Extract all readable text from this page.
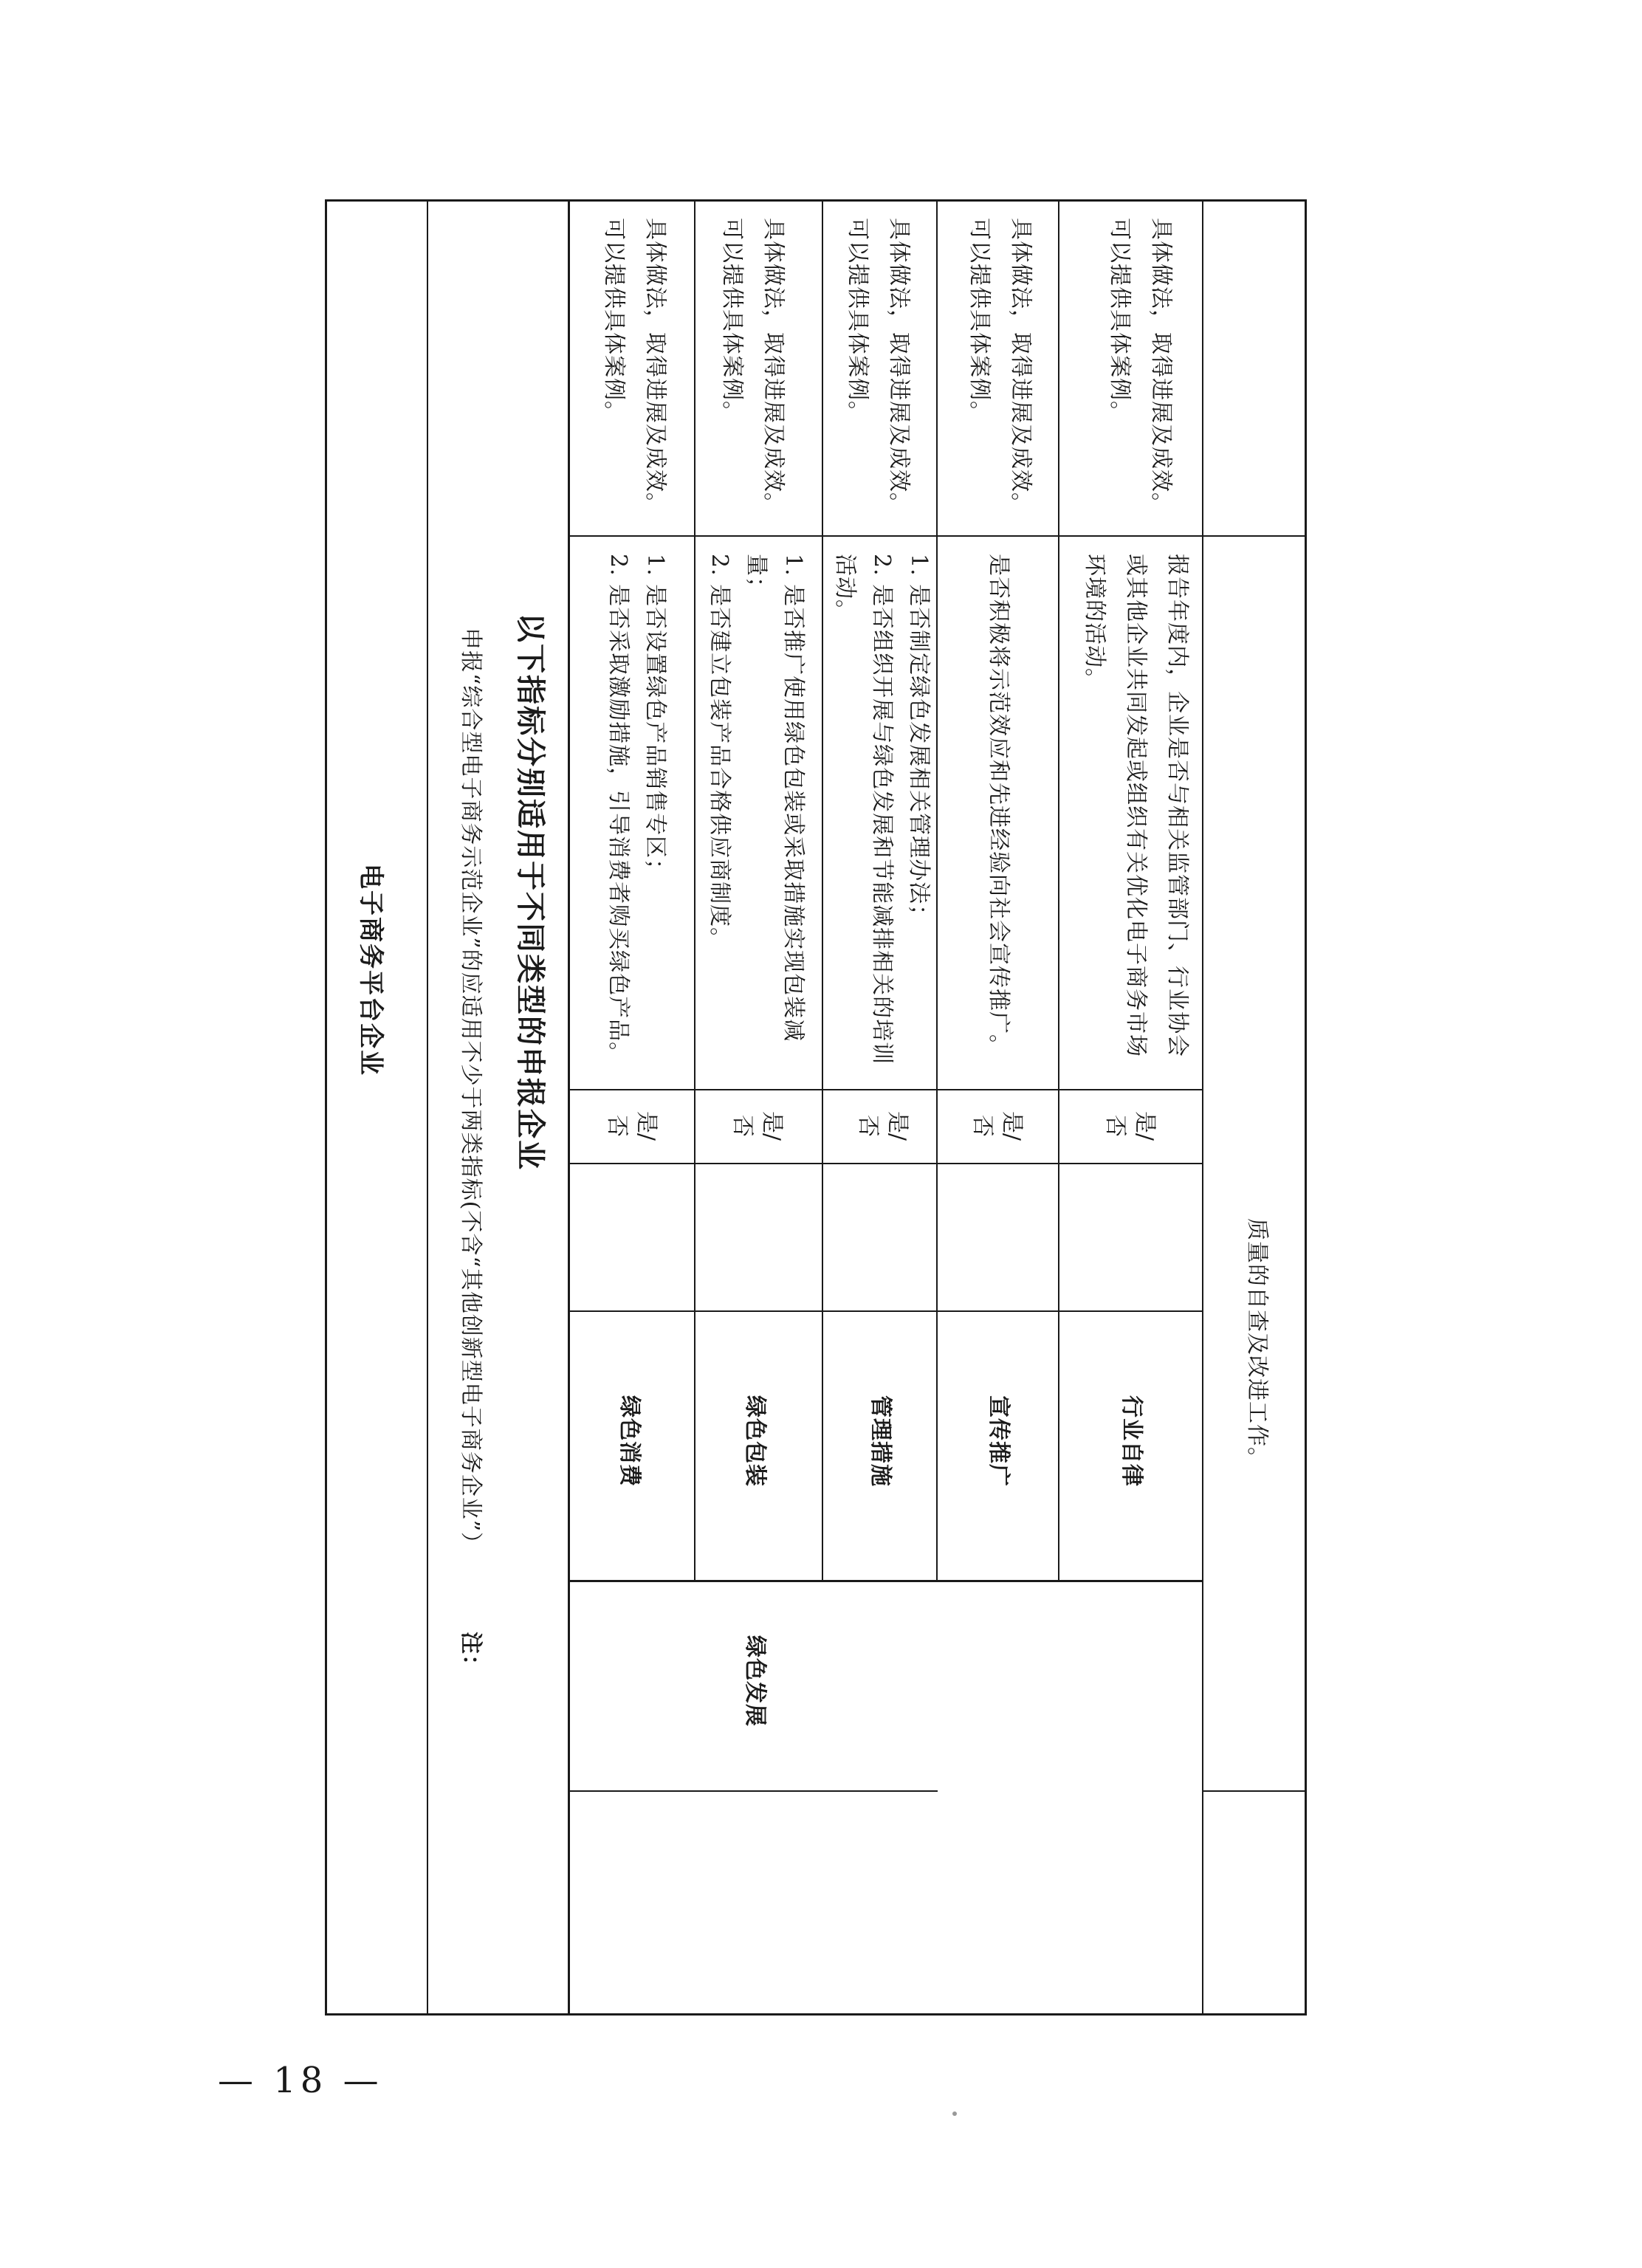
质量的自查及改进工作。
行业自律
是/
否
报告年度内，企业是否与相关监管部门、行业协会
或其他企业共同发起或组织有关优化电子商务市场
环境的活动。
具体做法，取得进展及成效。
可以提供具体案例。
宣传推广
是/
否
是否积极将示范效应和先进经验向社会宣传推广。
具体做法，取得进展及成效。
可以提供具体案例。
绿色发展
管理措施
是/
否
1. 是否制定绿色发展相关管理办法；
2. 是否组织开展与绿色发展和节能减排相关的培训
活动。
具体做法，取得进展及成效。
可以提供具体案例。
绿色包装
是/
否
1. 是否推广使用绿色包装或采取措施实现包装减
量；
2. 是否建立包装产品合格供应商制度。
具体做法，取得进展及成效。
可以提供具体案例。
绿色消费
是/
否
1. 是否设置绿色产品销售专区；
2. 是否采取激励措施，引导消费者购买绿色产品。
具体做法，取得进展及成效。
可以提供具体案例。
以下指标分别适用于不同类型的申报企业
注：
申报“综合型电子商务示范企业”的应适用不少于两类指标(不含“其他创新型电子商务企业”）
电子商务平台企业
— 18 —
